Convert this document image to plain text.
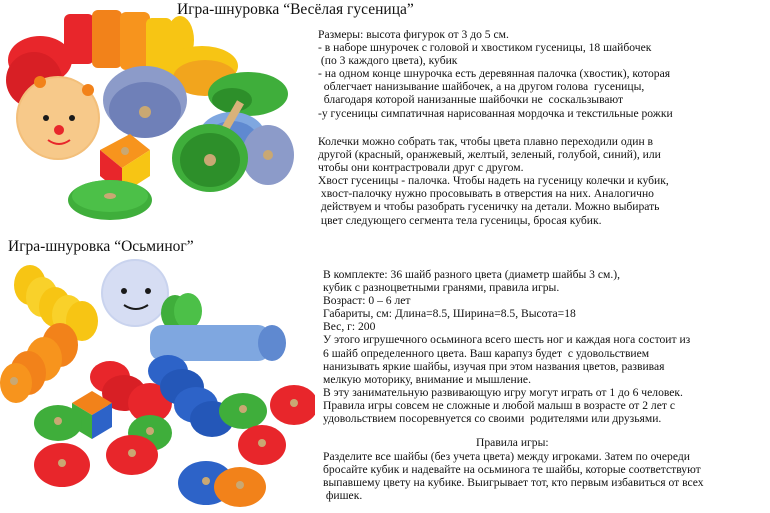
Игра-шнуровка “Весёлая гусеница”
Размеры: высота фигурок от 3 до 5 см.
- в наборе шнурочек с головой и хвостиком гусеницы, 18 шайбочек
(по 3 каждого цвета), кубик
- на одном конце шнурочка есть деревянная палочка (хвостик), которая
облегчает нанизывание шайбочек, а на другом голова  гусеницы,
благодаря которой нанизанные шайбочки не  соскальзывают
-у гусеницы симпатичная нарисованная мордочка и текстильные рожки
Колечки можно собрать так, чтобы цвета плавно переходили один в
другой (красный, оранжевый, желтый, зеленый, голубой, синий), или
чтобы они контрастровали друг с другом.
Хвост гусеницы - палочка. Чтобы надеть на гусеницу колечки и кубик,
хвост-палочку нужно просовывать в отверстия на них. Аналогично
действуем и чтобы разобрать гусеничку на детали. Можно выбирать
цвет следующего сегмента тела гусеницы, бросая кубик.
Игра-шнуровка “Осьминог”
В комплекте: 36 шайб разного цвета (диаметр шайбы 3 см.),
кубик с разноцветными гранями, правила игры.
Возраст: 0 – 6 лет
Габариты, см: Длина=8.5, Ширина=8.5, Высота=18
Вес, г: 200
У этого игрушечного осьминога всего шесть ног и каждая нога состоит из
6 шайб определенного цвета. Ваш карапуз будет  с удовольствием
нанизывать яркие шайбы, изучая при этом названия цветов, развивая
мелкую моторику, внимание и мышление.
В эту занимательную развивающую игру могут играть от 1 до 6 человек.
Правила игры совсем не сложные и любой малыш в возрасте от 2 лет с
удовольствием посоревнуется со своими  родителями или друзьями.
Правила игры:

Разделите все шайбы (без учета цвета) между игроками. Затем по очереди
бросайте кубик и надевайте на осьминога те шайбы, которые соответствуют
выпавшему цвету на кубике. Выигрывает тот, кто первым избавиться от всех
фишек.
